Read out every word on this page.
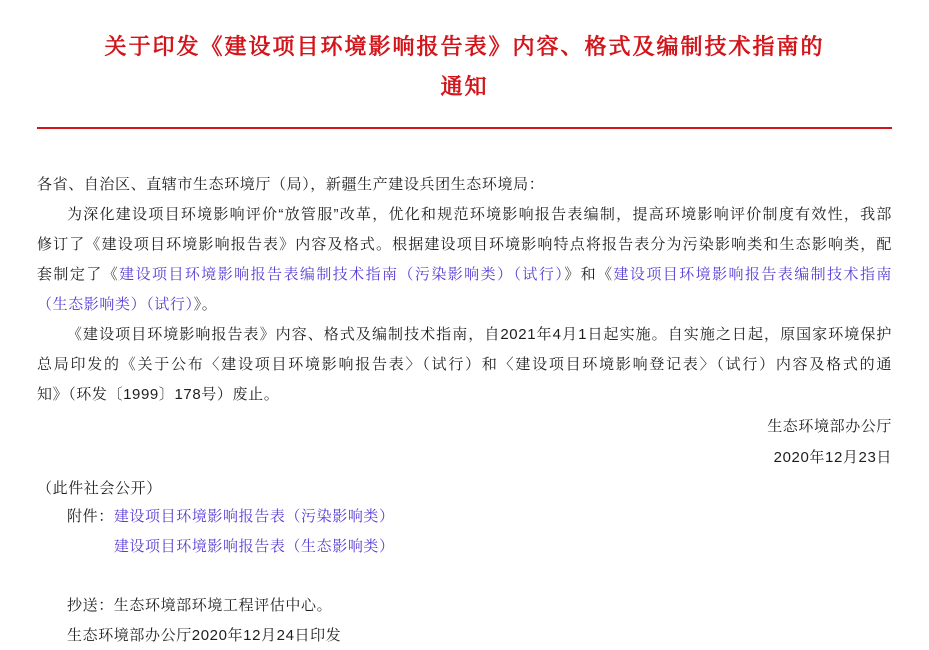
关于印发《建设项目环境影响报告表》内容、格式及编制技术指南的
通知
各省、自治区、直辖市生态环境厅（局），新疆生产建设兵团生态环境局：
为深化建设项目环境影响评价“放管服”改革，优化和规范环境影响报告表编制，提高环境影响评价制度有效性，我部
修订了《建设项目环境影响报告表》内容及格式。根据建设项目环境影响特点将报告表分为污染影响类和生态影响类，配
套制定了《建设项目环境影响报告表编制技术指南（污染影响类）（试行）》和《建设项目环境影响报告表编制技术指南
（生态影响类）（试行）》。
《建设项目环境影响报告表》内容、格式及编制技术指南，自2021年4月1日起实施。自实施之日起，原国家环境保护
总局印发的《关于公布〈建设项目环境影响报告表〉（试行）和〈建设项目环境影响登记表〉（试行）内容及格式的通
知》（环发〔1999〕178号）废止。
生态环境部办公厅
2020年12月23日
（此件社会公开）
附件： 建设项目环境影响报告表（污染影响类）
建设项目环境影响报告表（生态影响类）
抄送：生态环境部环境工程评估中心。
生态环境部办公厅2020年12月24日印发
